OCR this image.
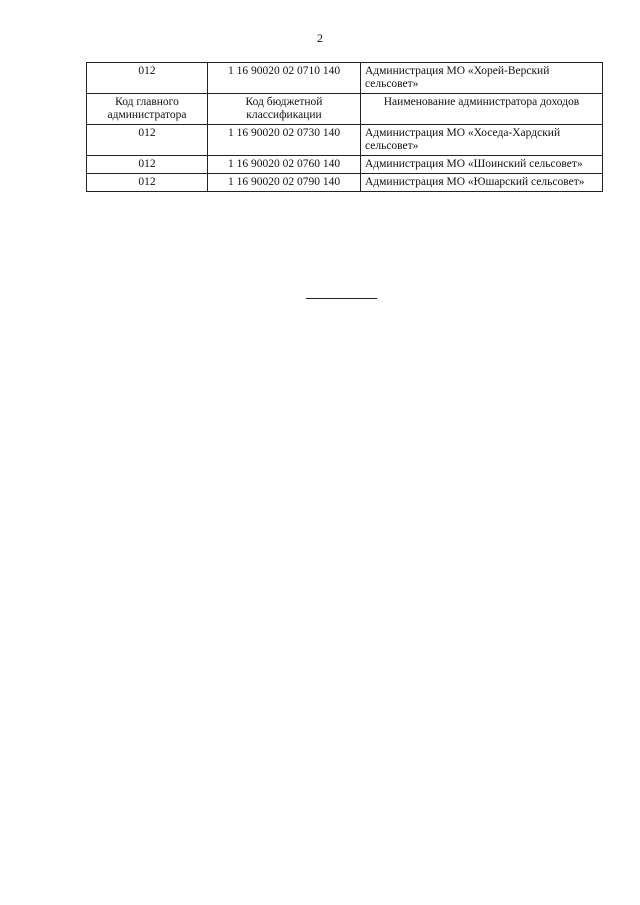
2
012	1 16 90020 02 0710 140	Администрация МО «Хорей-Верский сельсовет»
Код главного администратора	Код бюджетной классификации	Наименование администратора доходов
012	1 16 90020 02 0730 140	Администрация МО «Хоседа-Хардский сельсовет»
012	1 16 90020 02 0760 140	Администрация МО «Шоинский сельсовет»
012	1 16 90020 02 0790 140	Администрация МО «Юшарский сельсовет»
